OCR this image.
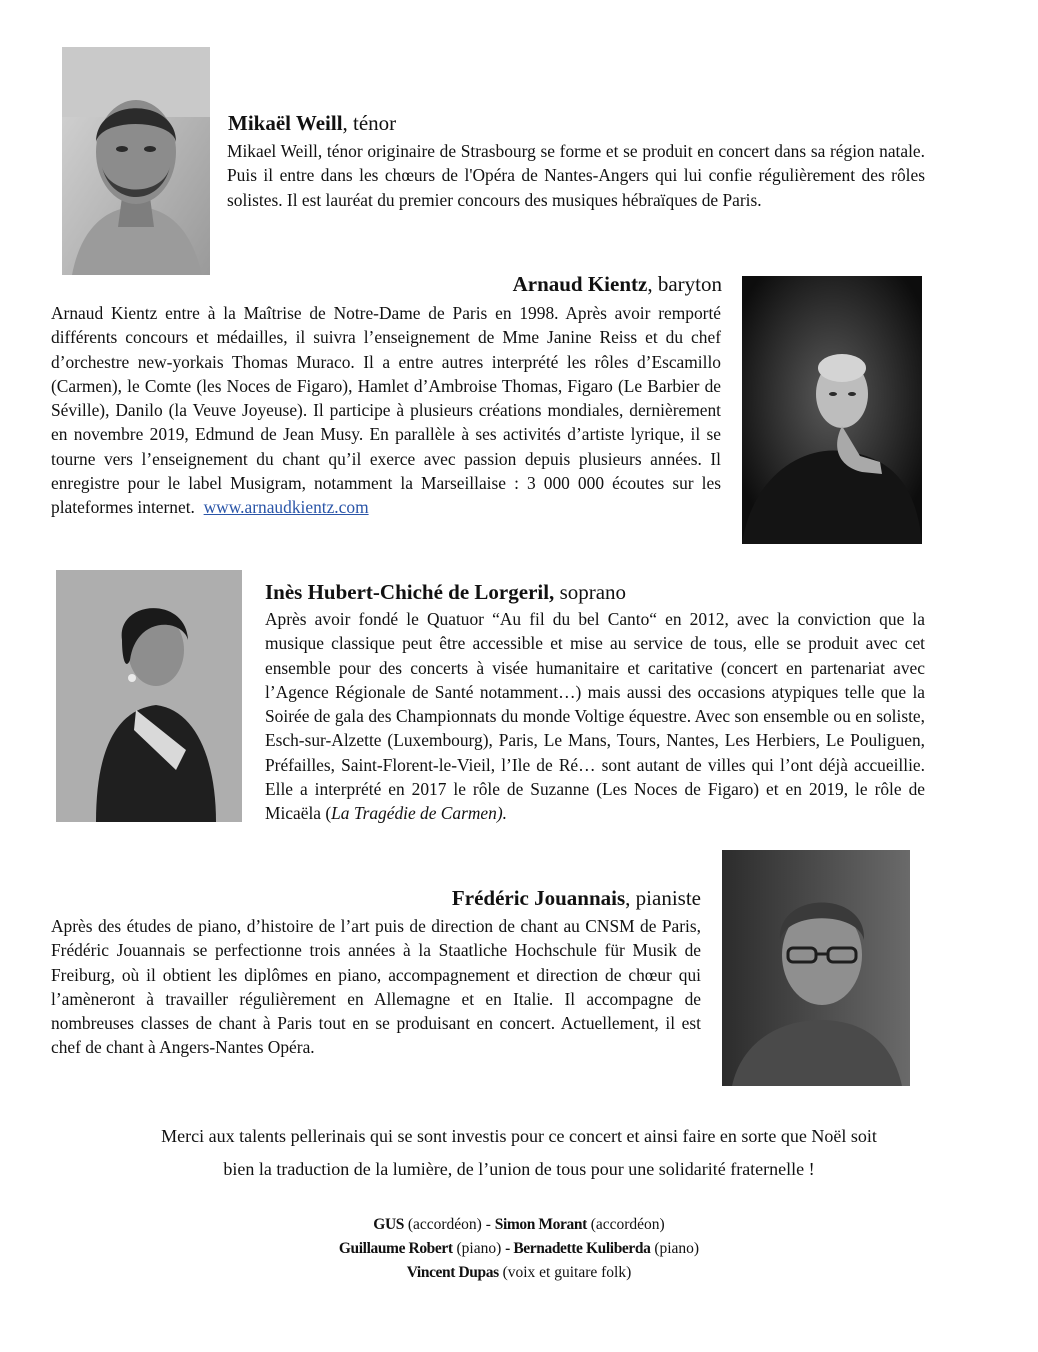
Mikaël Weill, ténor
Mikael Weill, ténor originaire de Strasbourg se forme et se produit en concert dans sa région natale. Puis il entre dans les chœurs de l'Opéra de Nantes-Angers qui lui confie régulièrement des rôles solistes. Il est lauréat du premier concours des musiques hébraïques de Paris.
Arnaud Kientz, baryton
Arnaud Kientz entre à la Maîtrise de Notre-Dame de Paris en 1998. Après avoir remporté différents concours et médailles, il suivra l’enseignement de Mme Janine Reiss et du chef d’orchestre new-yorkais Thomas Muraco. Il a entre autres interprété les rôles d’Escamillo (Carmen), le Comte (les Noces de Figaro), Hamlet d’Ambroise Thomas, Figaro (Le Barbier de Séville), Danilo (la Veuve Joyeuse). Il participe à plusieurs créations mondiales, dernièrement en novembre 2019, Edmund de Jean Musy. En parallèle à ses activités d’artiste lyrique, il se tourne vers l’enseignement du chant qu’il exerce avec passion depuis plusieurs années. Il enregistre pour le label Musigram, notamment la Marseillaise : 3 000 000 écoutes sur les plateformes internet. www.arnaudkientz.com
Inès Hubert-Chiché de Lorgeril, soprano
Après avoir fondé le Quatuor “Au fil du bel Canto“ en 2012, avec la conviction que la musique classique peut être accessible et mise au service de tous, elle se produit avec cet ensemble pour des concerts à visée humanitaire et caritative (concert en partenariat avec l’Agence Régionale de Santé notamment…) mais aussi des occasions atypiques telle que la Soirée de gala des Championnats du monde Voltige équestre. Avec son ensemble ou en soliste, Esch-sur-Alzette (Luxembourg), Paris, Le Mans, Tours, Nantes, Les Herbiers, Le Pouliguen, Préfailles, Saint-Florent-le-Vieil, l’Ile de Ré… sont autant de villes qui l’ont déjà accueillie. Elle a interprété en 2017 le rôle de Suzanne (Les Noces de Figaro) et en 2019, le rôle de Micaëla (La Tragédie de Carmen).
Frédéric Jouannais, pianiste
Après des études de piano, d’histoire de l’art puis de direction de chant au CNSM de Paris, Frédéric Jouannais se perfectionne trois années à la Staatliche Hochschule für Musik de Freiburg, où il obtient les diplômes en piano, accompagnement et direction de chœur qui l’amèneront à travailler régulièrement en Allemagne et en Italie. Il accompagne de nombreuses classes de chant à Paris tout en se produisant en concert. Actuellement, il est chef de chant à Angers-Nantes Opéra.
Merci aux talents pellerinais qui se sont investis pour ce concert et ainsi faire en sorte que Noël soit
bien la traduction de la lumière, de l’union de tous pour une solidarité fraternelle !
GUS (accordéon) - Simon Morant (accordéon)
Guillaume Robert (piano) - Bernadette Kuliberda (piano)
Vincent Dupas (voix et guitare folk)
